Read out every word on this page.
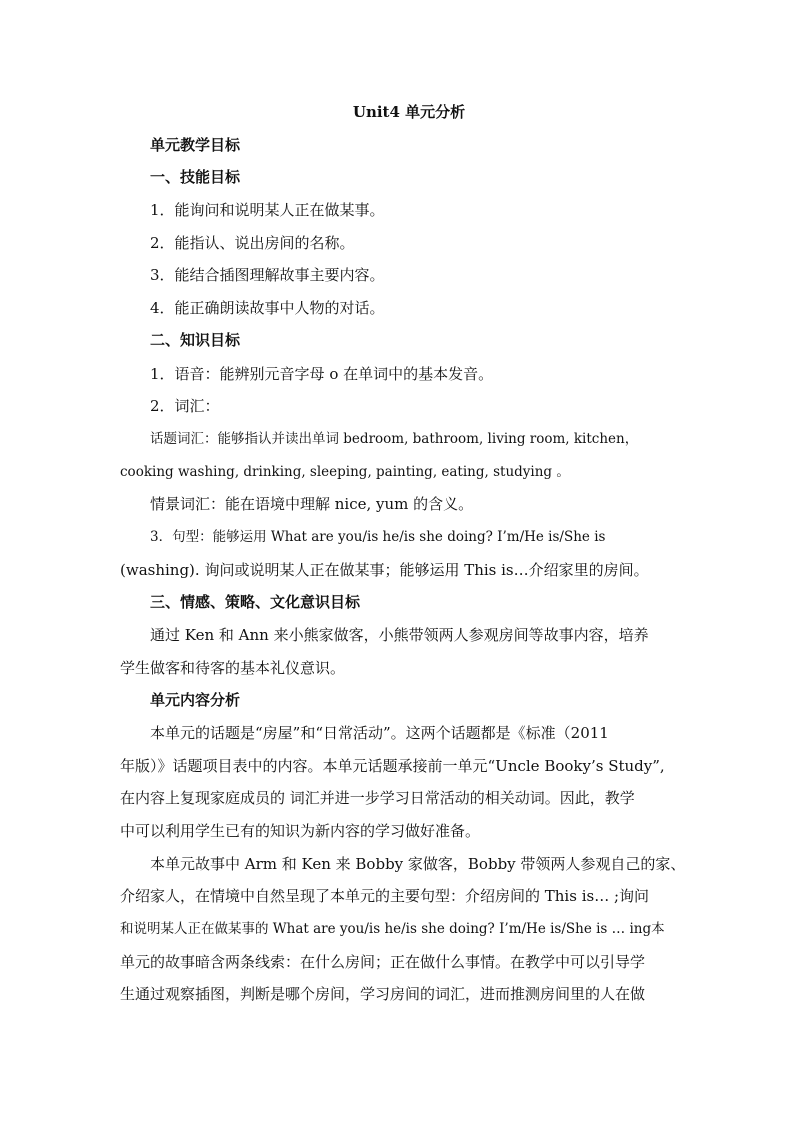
Unit4 单元分析
单元教学目标
一、技能目标
1．能询问和说明某人正在做某事。
2．能指认、说出房间的名称。
3．能结合插图理解故事主要内容。
4．能正确朗读故事中人物的对话。
二、知识目标
1．语音：能辨别元音字母 o 在单词中的基本发音。
2．词汇：
话题词汇：能够指认并读出单词 bedroom, bathroom, living room, kitchen，
cooking washing, drinking, sleeping, painting, eating, studying 。
情景词汇：能在语境中理解 nice, yum 的含义。
3．句型：能够运用 What are you/is he/is she doing? I’m/He is/She is
(washing). 询问或说明某人正在做某事；能够运用 This is…介绍家里的房间。
三、情感、策略、文化意识目标
通过 Ken 和 Ann 来小熊家做客，小熊带领两人参观房间等故事内容，培养
学生做客和待客的基本礼仪意识。
单元内容分析
本单元的话题是“房屋”和“日常活动”。这两个话题都是《标准（2011
年版）》话题项目表中的内容。本单元话题承接前一单元“Uncle Booky’s Study”,
在内容上复现家庭成员的 词汇并进一步学习日常活动的相关动词。因此，教学
中可以利用学生已有的知识为新内容的学习做好准备。
本单元故事中 Arm 和 Ken 来 Bobby 家做客，Bobby 带领两人参观自己的家、
介绍家人，在情境中自然呈现了本单元的主要句型：介绍房间的 This is… ;询问
和说明某人正在做某事的 What are you/is he/is she doing? I’m/He is/She is … ing本
单元的故事暗含两条线索：在什么房间；正在做什么事情。在教学中可以引导学
生通过观察插图，判断是哪个房间，学习房间的词汇，进而推测房间里的人在做
